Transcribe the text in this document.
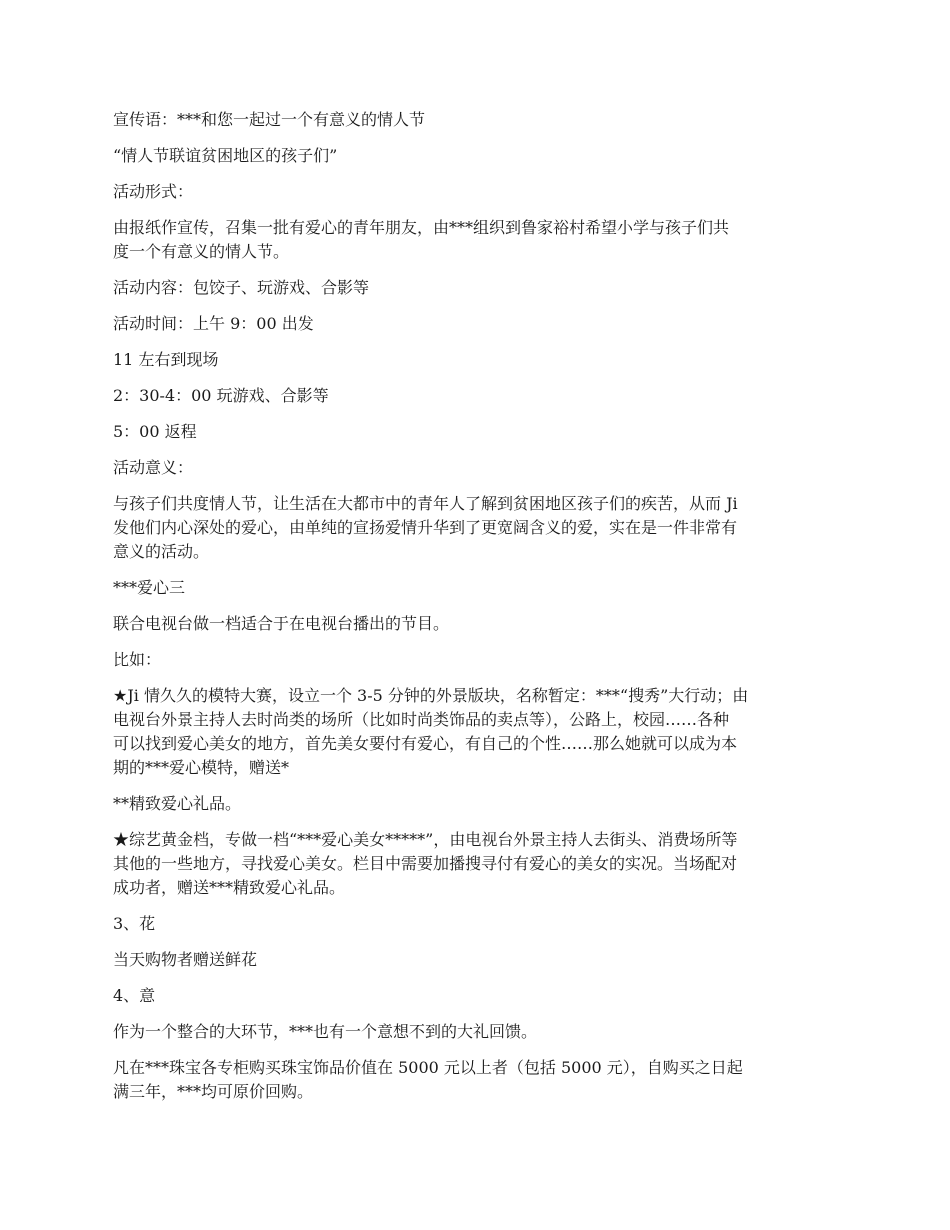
宣传语：***和您一起过一个有意义的情人节

“情人节联谊贫困地区的孩子们”

活动形式：

由报纸作宣传，召集一批有爱心的青年朋友，由***组织到鲁家裕村希望小学与孩子们共
度一个有意义的情人节。

活动内容：包饺子、玩游戏、合影等

活动时间：上午 9：00 出发

11 左右到现场

2：30-4：00 玩游戏、合影等

5：00 返程

活动意义：

与孩子们共度情人节，让生活在大都市中的青年人了解到贫困地区孩子们的疾苦，从而 Ji
发他们内心深处的爱心，由单纯的宣扬爱情升华到了更宽阔含义的爱，实在是一件非常有
意义的活动。

***爱心三

联合电视台做一档适合于在电视台播出的节目。

比如：

★Ji 情久久的模特大赛，设立一个 3-5 分钟的外景版块，名称暂定：***“搜秀”大行动；由
电视台外景主持人去时尚类的场所（比如时尚类饰品的卖点等），公路上，校园……各种
可以找到爱心美女的地方，首先美女要付有爱心，有自己的个性……那么她就可以成为本
期的***爱心模特，赠送*

**精致爱心礼品。

★综艺黄金档，专做一档“***爱心美女*****”，由电视台外景主持人去街头、消费场所等
其他的一些地方，寻找爱心美女。栏目中需要加播搜寻付有爱心的美女的实况。当场配对
成功者，赠送***精致爱心礼品。

3、花

当天购物者赠送鲜花

4、意

作为一个整合的大环节，***也有一个意想不到的大礼回馈。

凡在***珠宝各专柜购买珠宝饰品价值在 5000 元以上者（包括 5000 元），自购买之日起
满三年，***均可原价回购。
